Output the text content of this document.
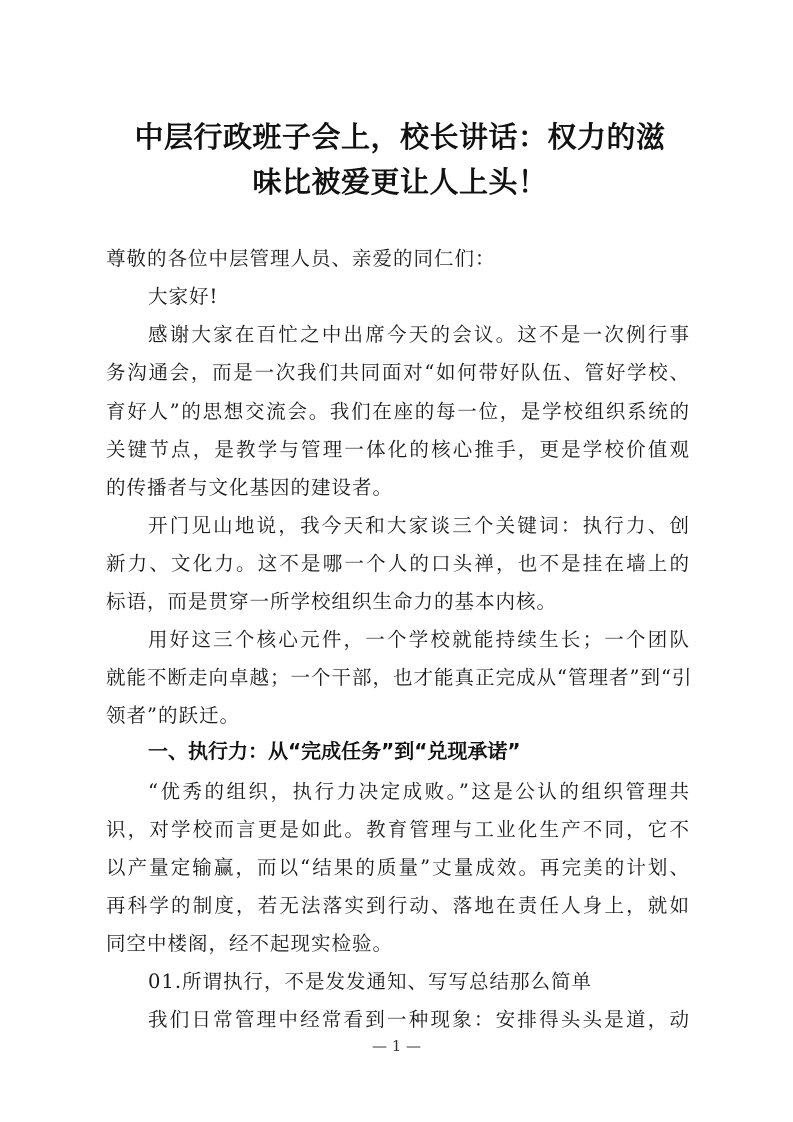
中层行政班子会上，校长讲话：权力的滋
味比被爱更让人上头！
尊敬的各位中层管理人员、亲爱的同仁们：
大家好!
感谢大家在百忙之中出席今天的会议。这不是一次例行事
务沟通会，而是一次我们共同面对“如何带好队伍、管好学校、
育好人”的思想交流会。我们在座的每一位，是学校组织系统的
关键节点，是教学与管理一体化的核心推手，更是学校价值观
的传播者与文化基因的建设者。
开门见山地说，我今天和大家谈三个关键词：执行力、创
新力、文化力。这不是哪一个人的口头禅，也不是挂在墙上的
标语，而是贯穿一所学校组织生命力的基本内核。
用好这三个核心元件，一个学校就能持续生长；一个团队
就能不断走向卓越；一个干部，也才能真正完成从“管理者”到“引
领者”的跃迁。
一、执行力：从“完成任务”到“兑现承诺”
“优秀的组织，执行力决定成败。”这是公认的组织管理共
识，对学校而言更是如此。教育管理与工业化生产不同，它不
以产量定输赢，而以“结果的质量”丈量成效。再完美的计划、
再科学的制度，若无法落实到行动、落地在责任人身上，就如
同空中楼阁，经不起现实检验。
01.所谓执行，不是发发通知、写写总结那么简单
我们日常管理中经常看到一种现象：安排得头头是道，动
— 1 —
